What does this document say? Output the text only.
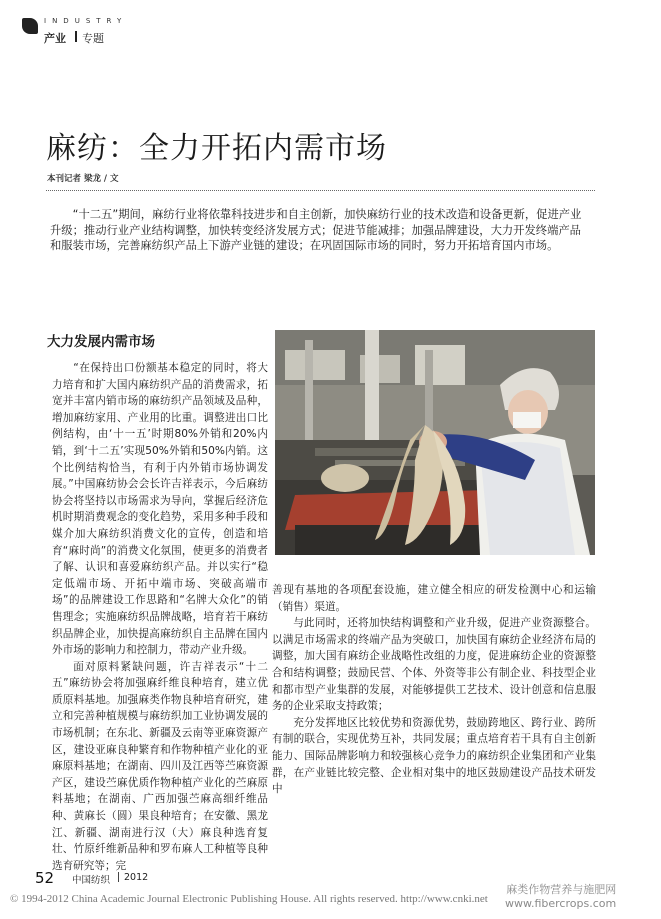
INDUSTRY
产业 专题
麻纺：全力开拓内需市场
本刊记者 梁龙 / 文
“十二五”期间，麻纺行业将依靠科技进步和自主创新，加快麻纺行业的技术改造和设备更新，促进产业升级；推动行业产业结构调整，加快转变经济发展方式；促进节能减排；加强品牌建设，大力开发终端产品和服装市场，完善麻纺织产品上下游产业链的建设；在巩固国际市场的同时，努力开拓培育国内市场。
大力发展内需市场

“在保持出口份额基本稳定的同时，将大力培育和扩大国内麻纺织产品的消费需求，拓宽并丰富内销市场的麻纺织产品领域及品种，增加麻纺家用、产业用的比重。调整进出口比例结构，由‘十一五’时期80%外销和20%内销，到‘十二五’实现50%外销和50%内销。这个比例结构恰当，有利于内外销市场协调发展。”中国麻纺协会会长许吉祥表示，今后麻纺协会将坚持以市场需求为导向，掌握后经济危机时期消费观念的变化趋势，采用多种手段和媒介加大麻纺织消费文化的宣传，创造和培育“麻时尚”的消费文化氛围，使更多的消费者了解、认识和喜爱麻纺织产品。并以实行“稳定低端市场、开拓中端市场、突破高端市场”的品牌建设工作思路和“名牌大众化”的销售理念；实施麻纺织品牌战略，培育若干麻纺织品牌企业，加快提高麻纺织自主品牌在国内外市场的影响力和控制力，带动产业升级。

面对原料紧缺问题，许吉祥表示“十二五”麻纺协会将加强麻纤维良种培育，建立优质原料基地。加强麻类作物良种培育研究，建立和完善种植规模与麻纺织加工业协调发展的市场机制；在东北、新疆及云南等亚麻资源产区，建设亚麻良种繁育和作物种植产业化的亚麻原料基地；在湖南、四川及江西等苎麻资源产区，建设苎麻优质作物种植产业化的苎麻原料基地；在湖南、广西加强苎麻高细纤维品种、黄麻长（圆）果良种培育；在安徽、黑龙江、新疆、湖南进行汉（大）麻良种选育复壮、竹原纤维新品种和罗布麻人工种植等良种选育研究等；完

善现有基地的各项配套设施，建立健全相应的研发检测中心和运输（销售）渠道。

与此同时，还将加快结构调整和产业升级，促进产业资源整合。以满足市场需求的终端产品为突破口，加快国有麻纺企业经济布局的调整，加大国有麻纺企业战略性改组的力度，促进麻纺企业的资源整合和结构调整；鼓励民营、个体、外资等非公有制企业、科技型企业和都市型产业集群的发展，对能够提供工艺技术、设计创意和信息服务的企业采取支持政策；

充分发挥地区比较优势和资源优势，鼓励跨地区、跨行业、跨所有制的联合，实现优势互补，共同发展；重点培育若干具有自主创新能力、国际品牌影响力和较强核心竞争力的麻纺织企业集团和产业集群，在产业链比较完整、企业相对集中的地区鼓励建设产品技术研发中

52 中国纺织 2012
© 1994-2012 China Academic Journal Electronic Publishing House. All rights reserved. http://www.cnki.net
麻类作物营养与施肥网
www.fibercrops.com
